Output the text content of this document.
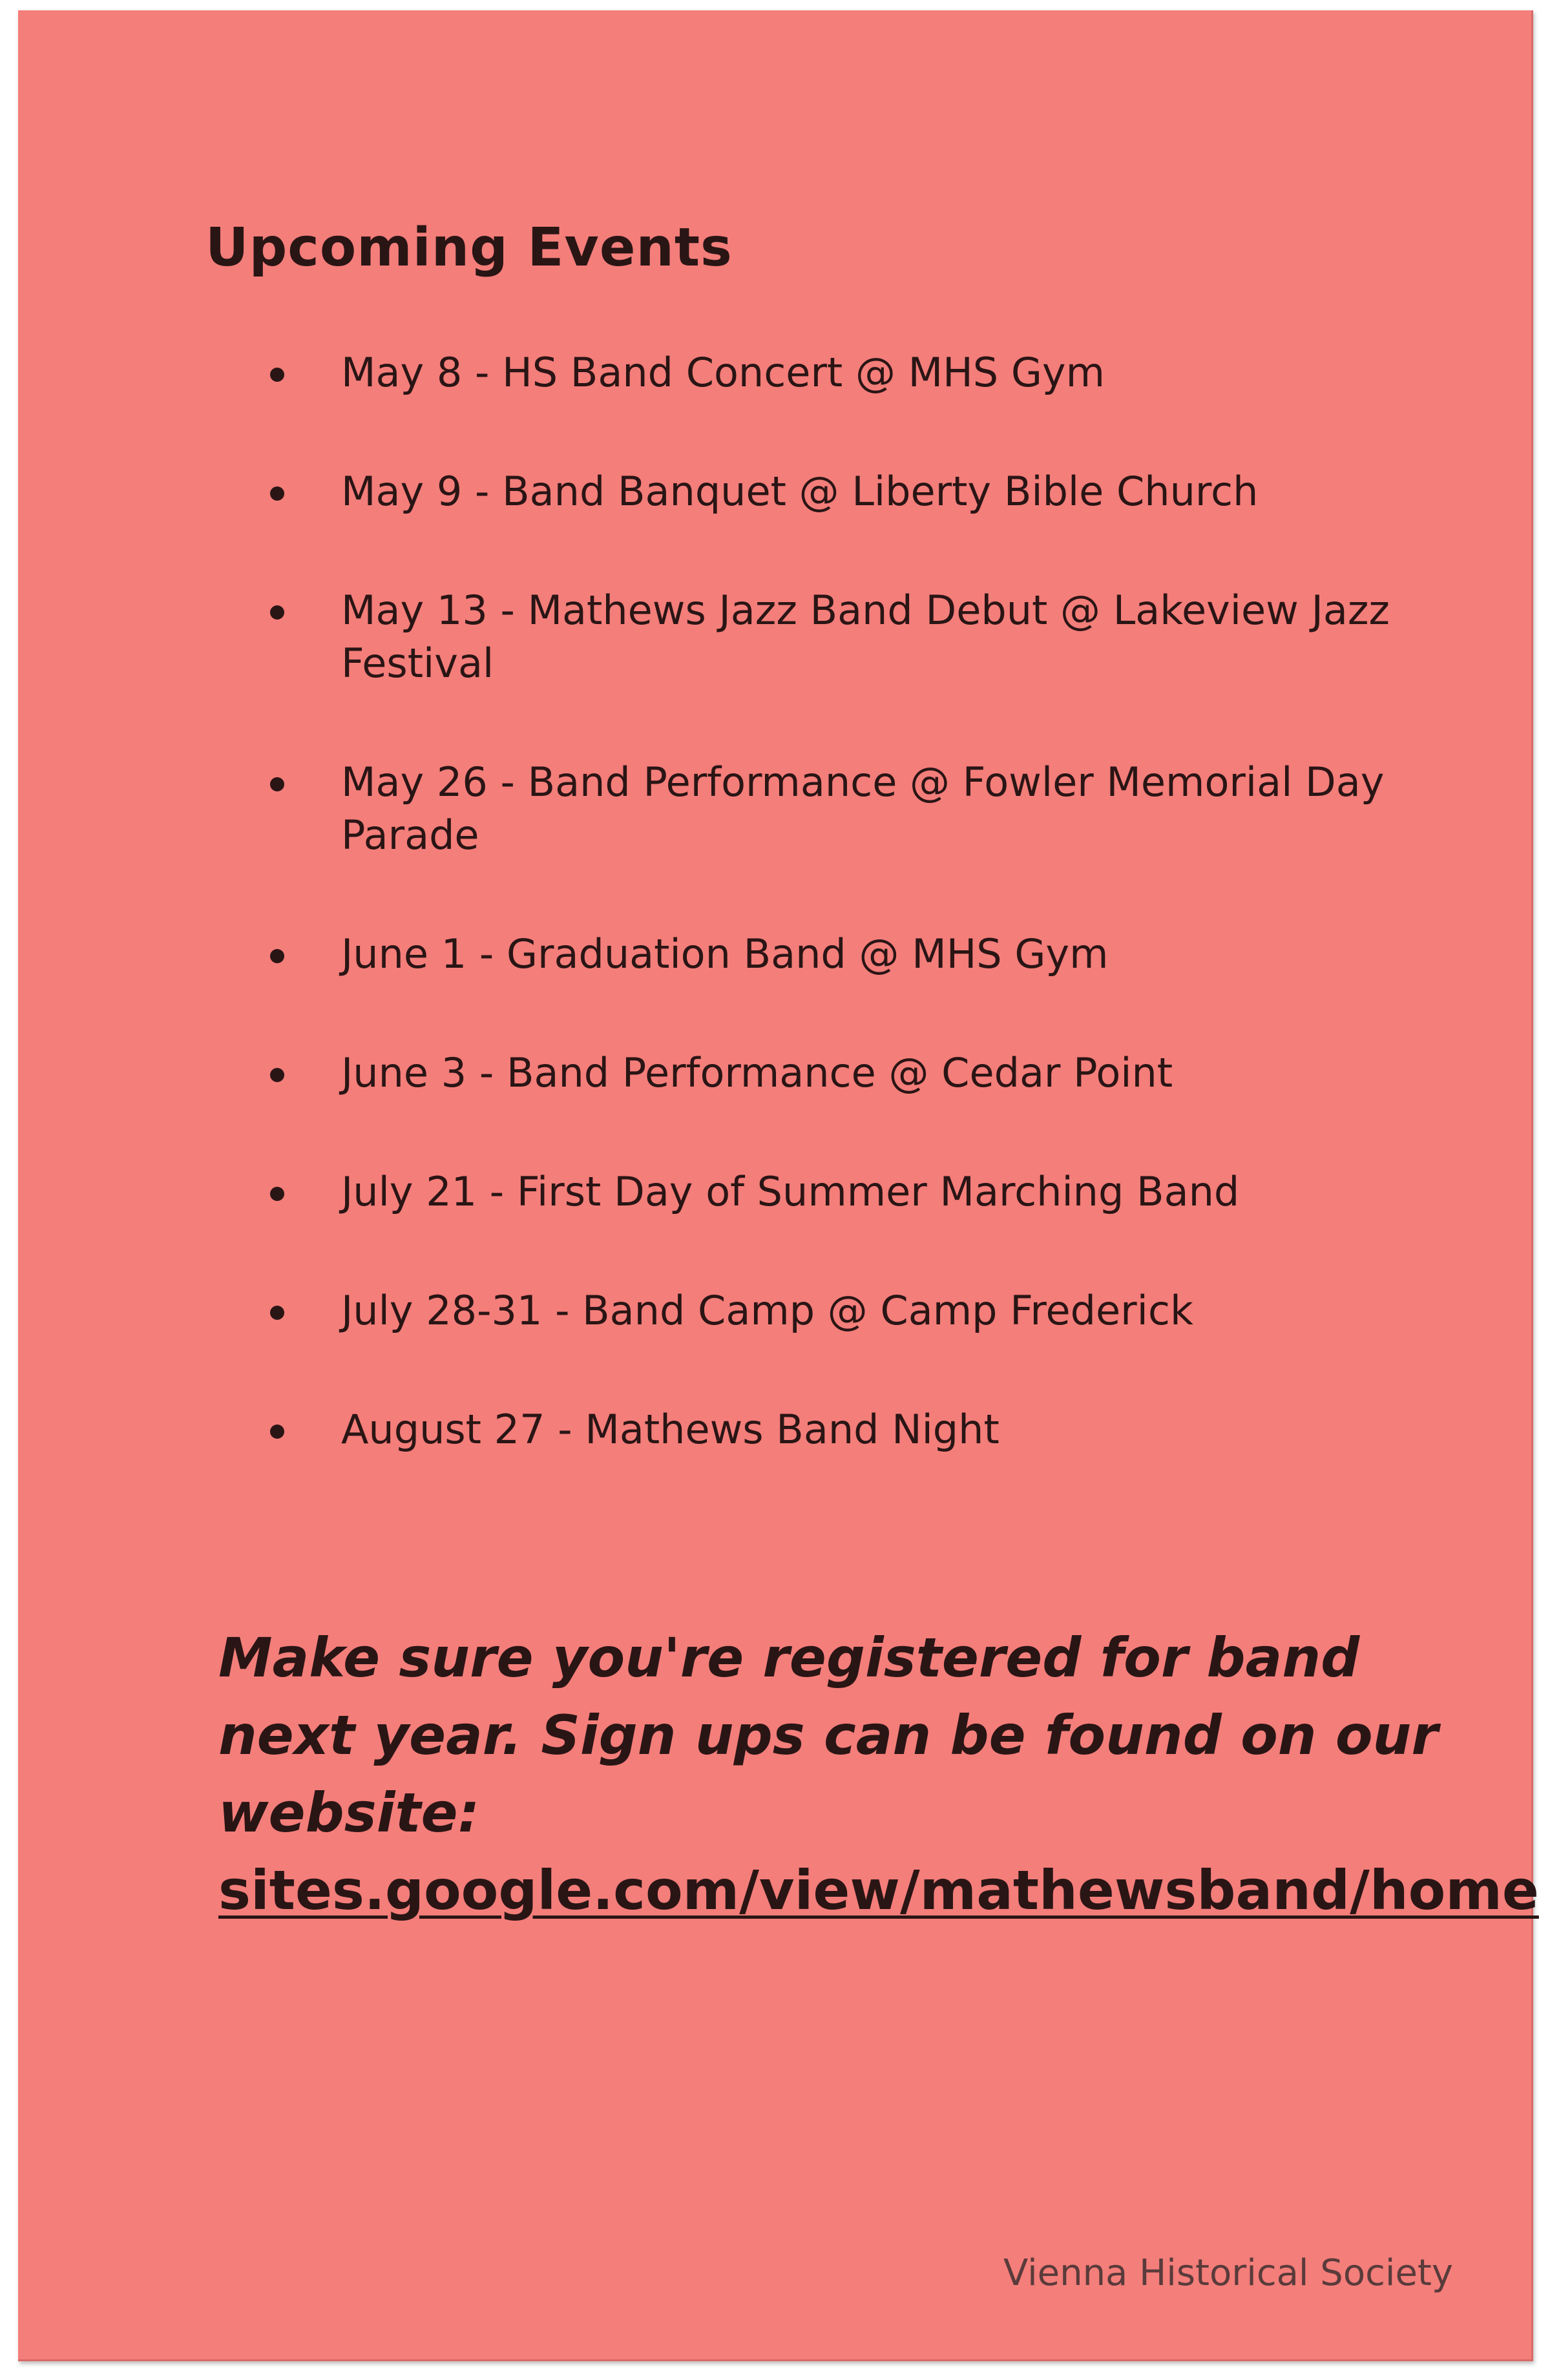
Upcoming Events
May 8 - HS Band Concert @ MHS Gym
May 9 - Band Banquet @ Liberty Bible Church
May 13 - Mathews Jazz Band Debut @ Lakeview Jazz Festival
May 26 - Band Performance @ Fowler Memorial Day Parade
June 1 - Graduation Band @ MHS Gym
June 3 - Band Performance @ Cedar Point
July 21 - First Day of Summer Marching Band
July 28-31 - Band Camp @ Camp Frederick
August 27 - Mathews Band Night

Make sure you're registered for band next year. Sign ups can be found on our website:
sites.google.com/view/mathewsband/home

Vienna Historical Society
